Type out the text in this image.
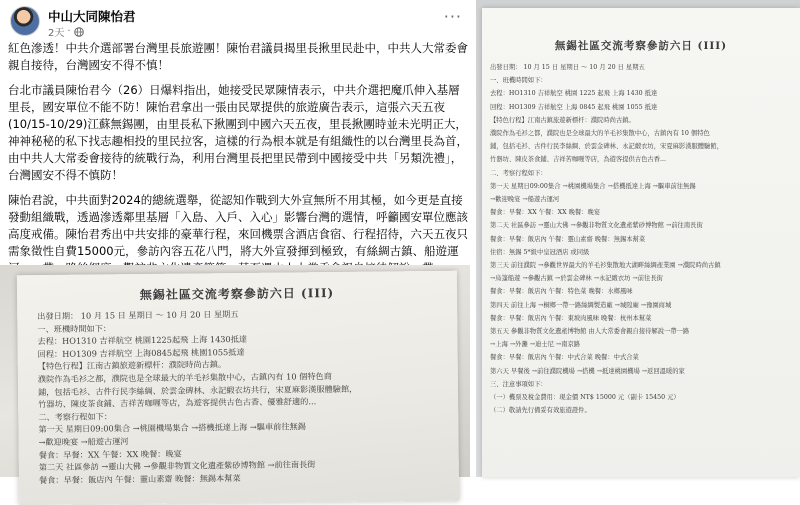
中山大同陳怡君
2天 ·
···

紅色滲透！中共介選部署台灣里長旅遊團！陳怡君議員揭里長揪里民赴中，中共人大常委會親自接待，台灣國安不得不慎！

台北市議員陳怡君今（26）日爆料指出，她接受民眾陳情表示，中共介選把魔爪伸入基層里長，國安單位不能不防！陳怡君拿出一張由民眾提供的旅遊廣告表示，這張六天五夜(10/15-10/29)江蘇無錫團，由里長私下揪團到中國六天五夜，里長揪團時並未光明正大，神神秘秘的私下找志趣相投的里民拉客，這樣的行為根本就是有組織性的以台灣里長為首，由中共人大常委會接待的統戰行為，利用台灣里長把里民帶到中國接受中共「另類洗禮」，台灣國安不得不慎防！

陳怡君說，中共面對2024的總統選舉，從認知作戰到大外宣無所不用其極，如今更是直接發動組織戰，透過滲透鄰里基層「入島、入戶、入心」影響台灣的選情，呼籲國安單位應該高度戒備。陳怡君秀出中共安排的豪華行程，來回機票含酒店食宿、行程招待，六天五夜只需象徵性自費15000元，參訪內容五花八門，將大外宣發揮到極致，有絲綢古鎮、船遊運

無錫社區交流考察參訪六日 (III)
出發日期： 10 月 15 日 星期日 ～ 10 月 20 日 星期五
一、班機時間如下：
去程：HO1310 吉祥航空 桃園1225起飛 上海 1430抵達
回程：HO1309 吉祥航空 上海0845起飛 桃園1055抵達
【特色行程】江南古鎮旅遊新標杆：濮院時尚古鎮。
濮院作為毛衫之都，濮院也是全球最大的羊毛衫集散中心，古鎮內有 10 個特色商
鋪，包括毛衫、古件行民李絲綢、於雲金碑林、永記緞衣坊共行，宋夏麻影漢服體驗館，
竹器坊、陳皮茶食鋪、吉祥苦咖喱等店，為遊客提供古色古香、優雅舒適的...
二、考察行程如下：
第一天 星期日09:00集合 →桃園機場集合 →搭機抵達上海 →驅車前往無錫
→歡迎晚宴 →船遊古運河
餐食：早餐：XX 午餐：XX 晚餐：晚宴
第二天 社區參訪 →靈山大佛 →參觀非物質文化遺產紫砂博物館 →前往南長街
餐食：早餐：飯店內 午餐：靈山素齋 晚餐：無錫本幫菜
無錫社區交流考察參訪六日 (III)
出發日期： 10 月 15 日 星期日 ～ 10 月 20 日 星期五
一、班機時間如下：
去程：HO1310 吉祥航空 桃園 1225 起飛 上海 1430 抵達
回程：HO1309 吉祥航空 上海 0845 起飛 桃園 1055 抵達
【特色行程】江南古鎮旅遊新標杆：濮院時尚古鎮。
濮院作為毛衫之都，濮院也是全球最大的羊毛衫集散中心，古鎮內有 10 個特色
鋪，包括毛衫、古件行民李絲綢、於雲金碑林、永記緞衣坊，宋夏麻影漢服體驗館，
竹器坊、陳皮茶食鋪、吉祥苦咖喱等店，為遊客提供古色古香...
二、考察行程如下：
第一天 星期日09:00集合 →桃園機場集合 →搭機抵達上海 →驅車前往無錫
→歡迎晚宴 →船遊古運河
餐食：早餐：XX 午餐：XX 晚餐：晚宴
第二天 社區參訪 →靈山大佛 →參觀非物質文化遺產紫砂博物館 →前往南長街
餐食：早餐：飯店內 午餐：靈山素齋 晚餐：無錫本幫菜
住宿：無錫 5*級中皇冠酒店 或同級
第三天 前往濮院 →參觀世界最大的羊毛衫集散地大湖畔絲綢產業園 →濮院時尚古鎮
→烏篷船遊 →參觀古鎮 →於雲金碑林 →永記緞衣坊 →前往長街
餐食：早餐：飯店內 午餐：特色菜 晚餐：水鄉風味
第四天 前往上海 →桐鄉一帶一路絲綢製造廠 →城隍廟 →豫園商城
餐食：早餐：飯店內 午餐：東坡肉風味 晚餐：杭州本幫菜
第五天 參觀非物質文化遺產博物館 由人大常委會親自接待解說一帶一路
→上海 →外灘 →迪士尼 →南京路
餐食：早餐：飯店內 午餐：中式合菜 晚餐：中式合菜
第六天 早餐後 →前往濮院機場 →搭機 →抵達桃園機場 →返回溫暖的家
三、注意事項如下：
（一）機票及稅金費用：現金價 NT$ 15000 元（副卡 15450 元）
（二）敬請先行備妥有效旅遊證件。
